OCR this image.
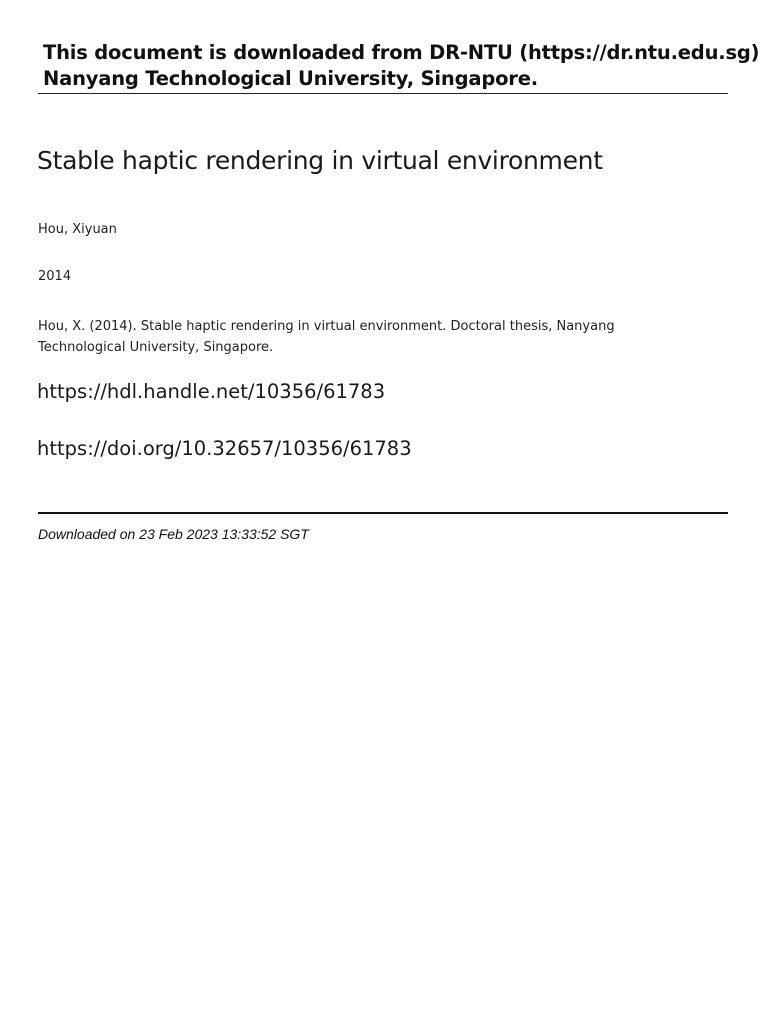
This document is downloaded from DR-NTU (https://dr.ntu.edu.sg)
Nanyang Technological University, Singapore.
Stable haptic rendering in virtual environment
Hou, Xiyuan
2014
Hou, X. (2014). Stable haptic rendering in virtual environment. Doctoral thesis, Nanyang
Technological University, Singapore.
https://hdl.handle.net/10356/61783
https://doi.org/10.32657/10356/61783
Downloaded on 23 Feb 2023 13:33:52 SGT
